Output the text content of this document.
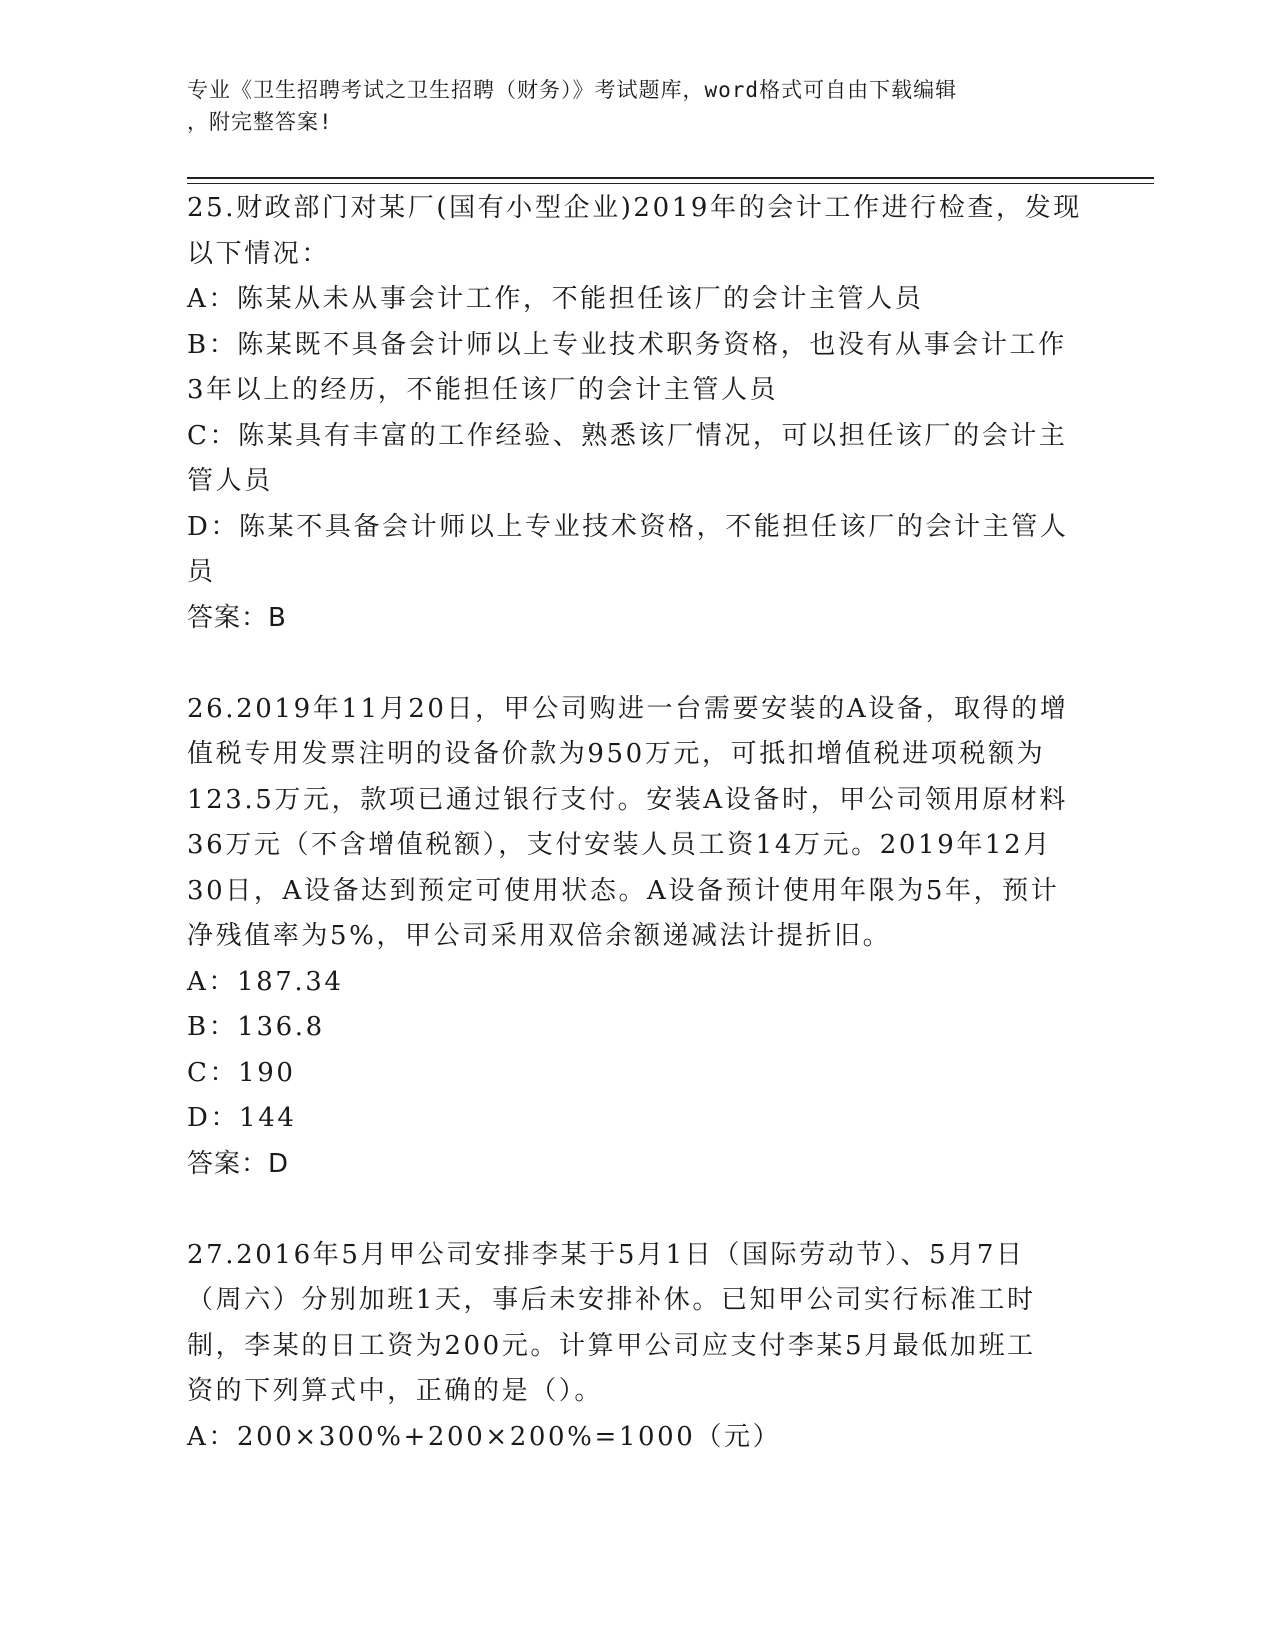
专业《卫生招聘考试之卫生招聘（财务）》考试题库，word格式可自由下载编辑
，附完整答案!
25.财政部门对某厂(国有小型企业)2019年的会计工作进行检查，发现
以下情况：
A：陈某从未从事会计工作，不能担任该厂的会计主管人员
B：陈某既不具备会计师以上专业技术职务资格，也没有从事会计工作
3年以上的经历，不能担任该厂的会计主管人员
C：陈某具有丰富的工作经验、熟悉该厂情况，可以担任该厂的会计主
管人员
D：陈某不具备会计师以上专业技术资格，不能担任该厂的会计主管人
员
答案：B
26.2019年11月20日，甲公司购进一台需要安装的A设备，取得的增
值税专用发票注明的设备价款为950万元，可抵扣增值税进项税额为
123.5万元，款项已通过银行支付。安装A设备时，甲公司领用原材料
36万元（不含增值税额），支付安装人员工资14万元。2019年12月
30日，A设备达到预定可使用状态。A设备预计使用年限为5年，预计
净残值率为5%，甲公司采用双倍余额递减法计提折旧。
A：187.34
B：136.8
C：190
D：144
答案：D
27.2016年5月甲公司安排李某于5月1日（国际劳动节）、5月7日
（周六）分别加班1天，事后未安排补休。已知甲公司实行标准工时
制，李某的日工资为200元。计算甲公司应支付李某5月最低加班工
资的下列算式中，正确的是（）。
A：200×300%+200×200%=1000（元）
